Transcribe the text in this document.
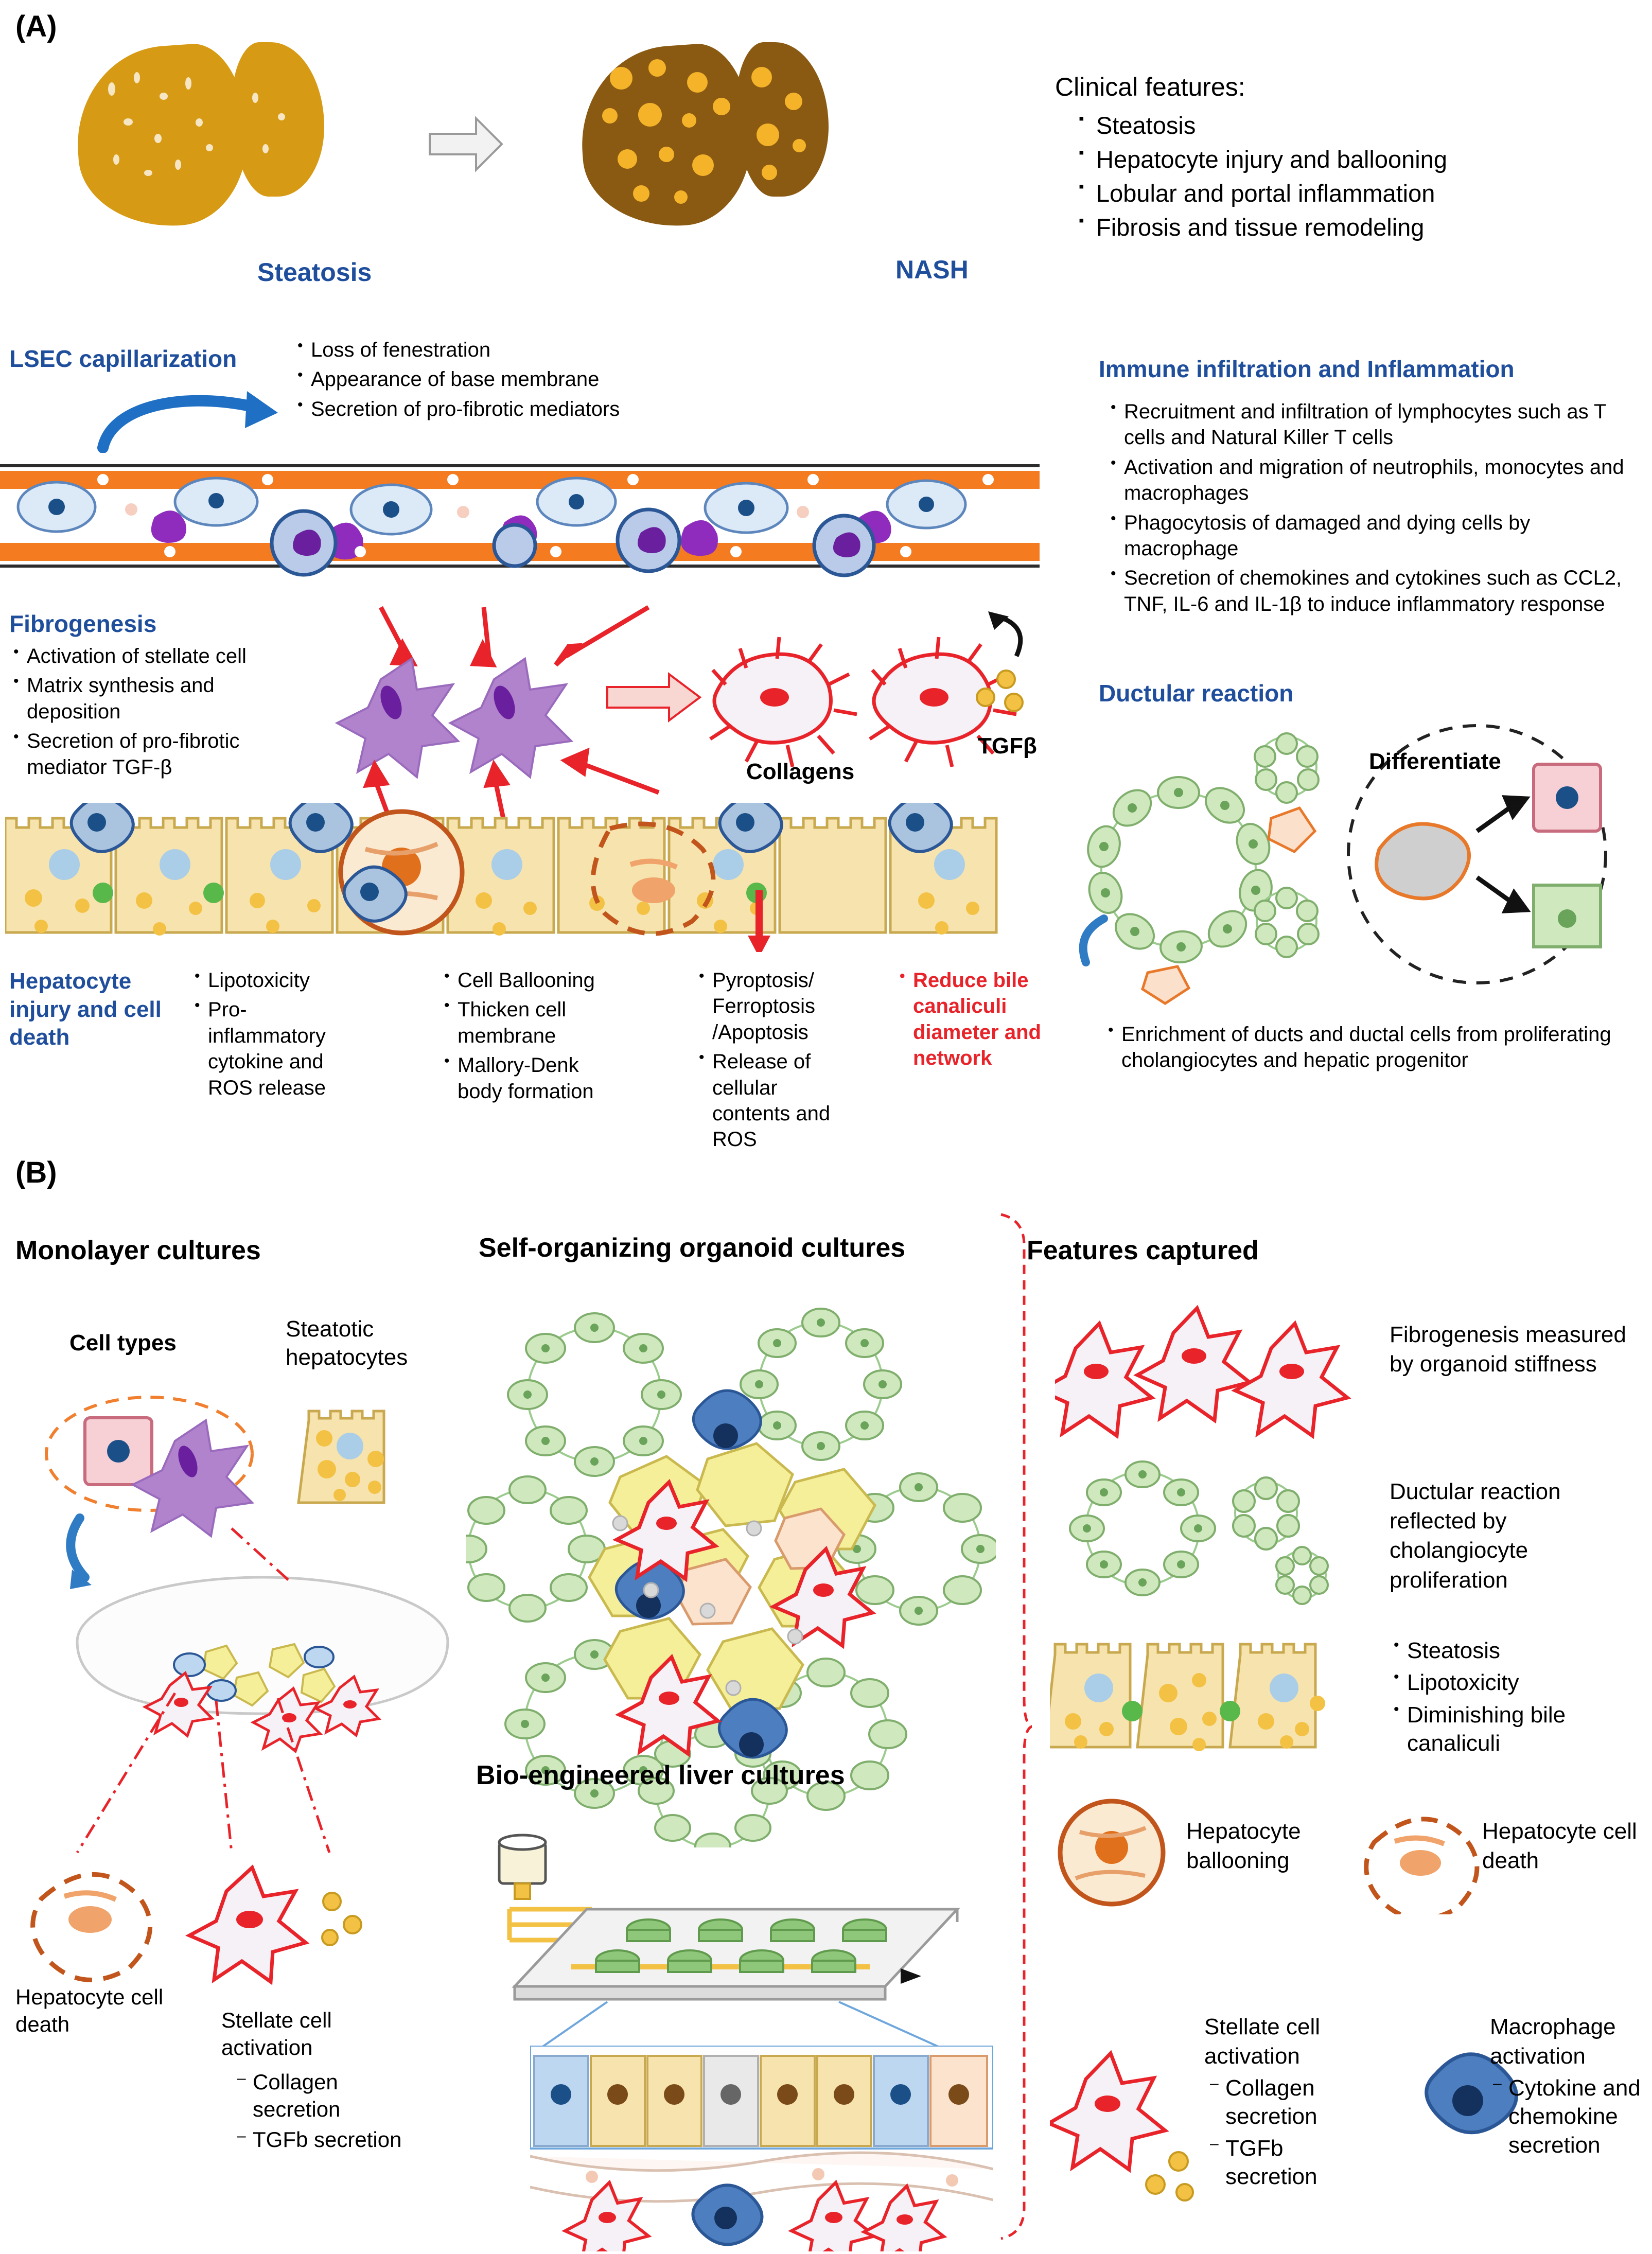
(A)
Steatosis	NASH
Clinical features:
▪ Steatosis
▪ Hepatocyte injury and ballooning
▪ Lobular and portal inflammation
▪ Fibrosis and tissue remodeling
LSEC capillarization	• Loss of fenestration
• Appearance of base membrane
• Secretion of pro-fibrotic mediators
Fibrogenesis
• Activation of stellate cell
• Matrix synthesis and deposition
• Secretion of pro-fibrotic mediator TGF-β	Collagens
TGFβ
Immune infiltration and Inflammation
• Recruitment and infiltration of lymphocytes such as T cells and Natural Killer T cells
• Activation and migration of neutrophils, monocytes and macrophages
• Phagocytosis of damaged and dying cells by macrophage
• Secretion of chemokines and cytokines such as CCL2, TNF, IL-6 and IL-1β to induce inflammatory response
Ductular reaction
Differentiate
• Enrichment of ducts and ductal cells from proliferating cholangiocytes and hepatic progenitor
Hepatocyte injury and cell death
• Lipotoxicity
• Pro-inflammatory cytokine and ROS release
• Cell Ballooning
• Thicken cell membrane
• Mallory-Denk body formation
• Pyroptosis/ Ferroptosis /Apoptosis
• Release of cellular contents and ROS
• Reduce bile canaliculi diameter and network
(B)
Monolayer cultures	Self-organizing organoid cultures	Features captured
Cell types
Steatotic hepatocytes
Hepatocyte cell death	Stellate cell activation
– Collagen secretion
– TGFb secretion
Bio-engineered liver cultures
Fibrogenesis measured by organoid stiffness
Ductular reaction reflected by cholangiocyte proliferation
• Steatosis
• Lipotoxicity
• Diminishing bile canaliculi
Hepatocyte ballooning
Hepatocyte cell death
Stellate cell activation
– Collagen secretion
– TGFb secretion
Macrophage activation
– Cytokine and chemokine secretion
